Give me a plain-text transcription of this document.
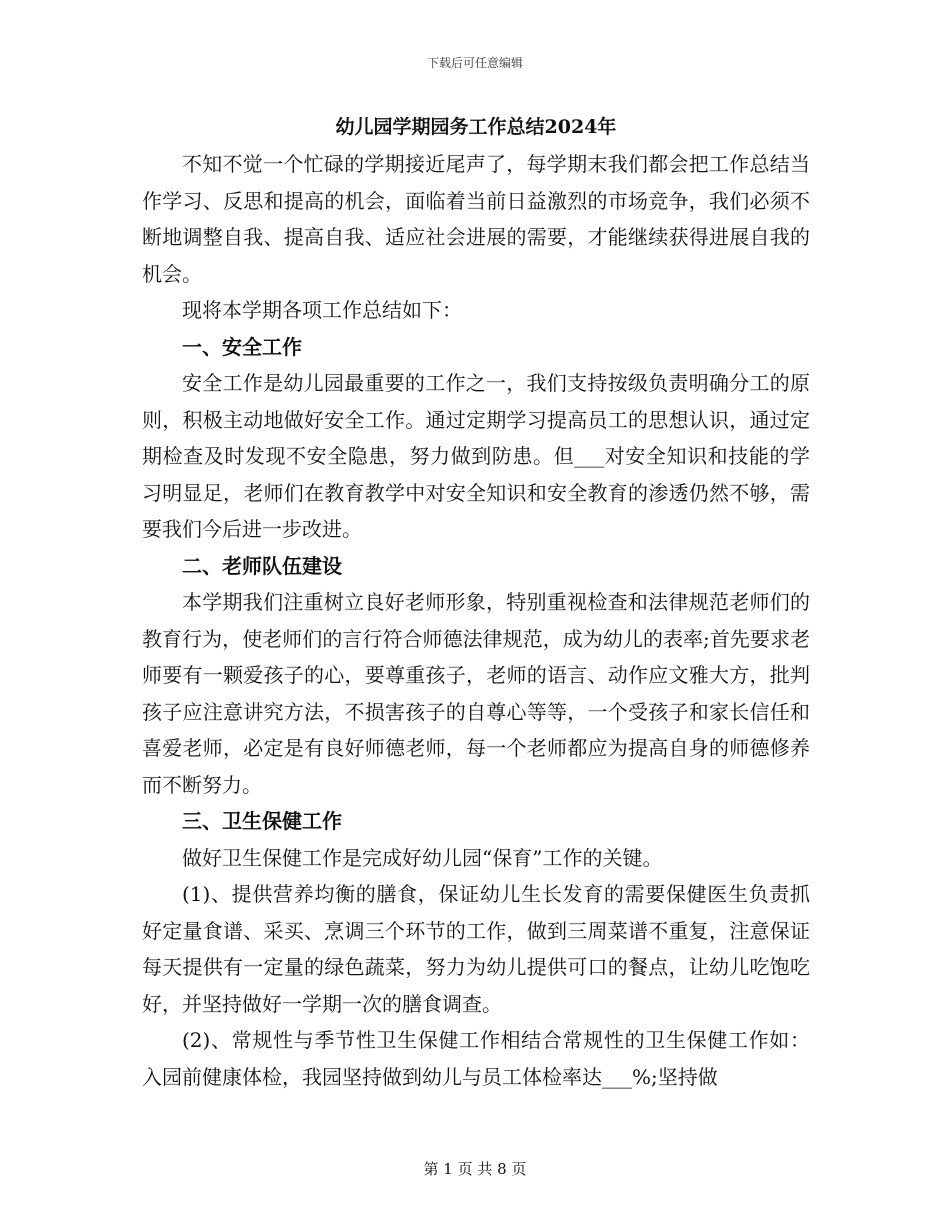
下载后可任意编辑
幼儿园学期园务工作总结2024年

不知不觉一个忙碌的学期接近尾声了，每学期末我们都会把工作总结当作学习、反思和提高的机会，面临着当前日益激烈的市场竞争，我们必须不断地调整自我、提高自我、适应社会进展的需要，才能继续获得进展自我的机会。

现将本学期各项工作总结如下：

一、安全工作

安全工作是幼儿园最重要的工作之一，我们支持按级负责明确分工的原则，积极主动地做好安全工作。通过定期学习提高员工的思想认识，通过定期检查及时发现不安全隐患，努力做到防患。但___对安全知识和技能的学习明显足，老师们在教育教学中对安全知识和安全教育的渗透仍然不够，需要我们今后进一步改进。

二、老师队伍建设

本学期我们注重树立良好老师形象，特别重视检查和法律规范老师们的教育行为，使老师们的言行符合师德法律规范，成为幼儿的表率;首先要求老师要有一颗爱孩子的心，要尊重孩子，老师的语言、动作应文雅大方，批判孩子应注意讲究方法，不损害孩子的自尊心等等，一个受孩子和家长信任和喜爱老师，必定是有良好师德老师，每一个老师都应为提高自身的师德修养而不断努力。

三、卫生保健工作

做好卫生保健工作是完成好幼儿园“保育”工作的关键。

(1)、提供营养均衡的膳食，保证幼儿生长发育的需要保健医生负责抓好定量食谱、采买、烹调三个环节的工作，做到三周菜谱不重复，注意保证每天提供有一定量的绿色蔬菜，努力为幼儿提供可口的餐点，让幼儿吃饱吃好，并坚持做好一学期一次的膳食调查。

(2)、常规性与季节性卫生保健工作相结合常规性的卫生保健工作如：入园前健康体检，我园坚持做到幼儿与员工体检率达___%;坚持做

第 1 页 共 8 页
